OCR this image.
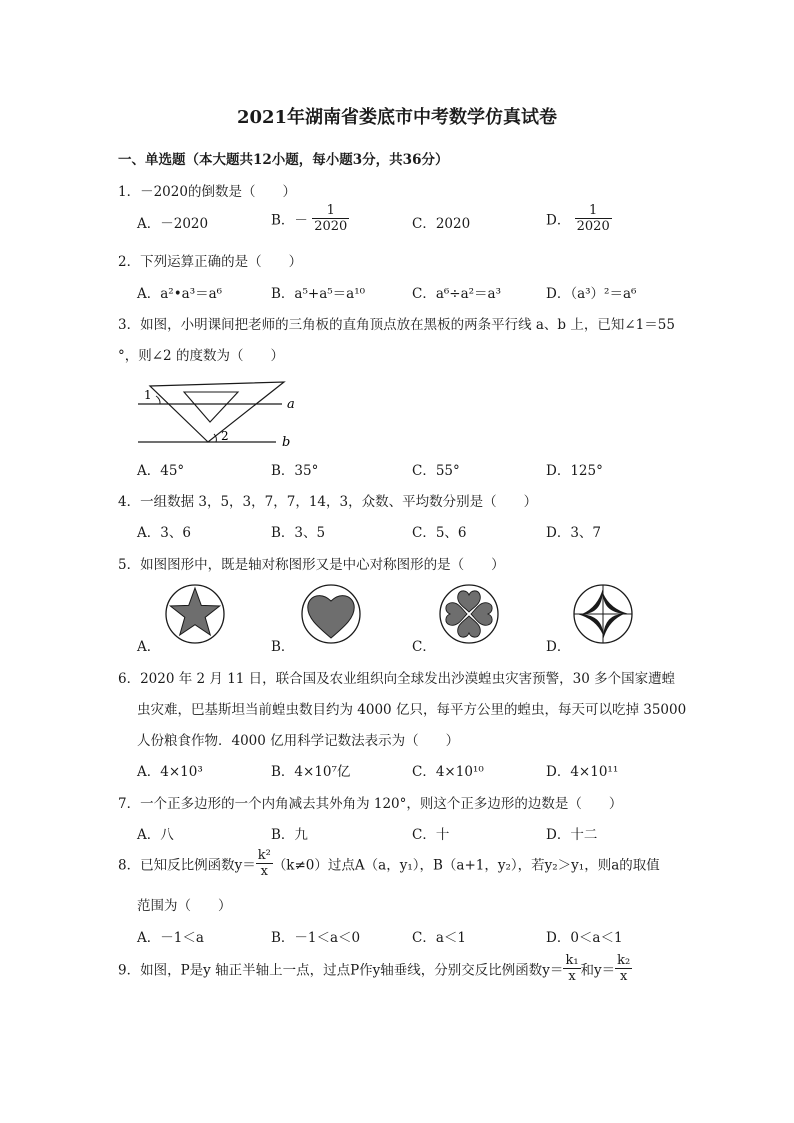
2021年湖南省娄底市中考数学仿真试卷
一、单选题（本大题共12小题，每小题3分，共36分）
1．－2020的倒数是（　　）
A．－2020	B．－ $\frac{1}{2020}$	C．2020	D． $\frac{1}{2020}$
2．下列运算正确的是（　　）
A．a²•a³＝a⁶	B．a⁵+a⁵＝a¹⁰	C．a⁶÷a²＝a³	D．（a³）²＝a⁶
3．如图，小明课间把老师的三角板的直角顶点放在黑板的两条平行线 a、b 上，已知∠1＝55
°，则∠2 的度数为（　　）
1
2
a
b
A．45°	B．35°	C．55°	D．125°
4．一组数据 3，5，3，7，7，14，3，众数、平均数分别是（　　）
A．3、6	B．3、5	C．5、6	D．3、7
5．如图图形中，既是轴对称图形又是中心对称图形的是（　　）
A．	B．	C．	D．
6．2020 年 2 月 11 日，联合国及农业组织向全球发出沙漠蝗虫灾害预警，30 多个国家遭蝗
虫灾难，巴基斯坦当前蝗虫数目约为 4000 亿只，每平方公里的蝗虫，每天可以吃掉 35000
人份粮食作物．4000 亿用科学记数法表示为（　　）
A．4×10³	B．4×10⁷亿	C．4×10¹⁰	D．4×10¹¹
7．一个正多边形的一个内角减去其外角为 120°，则这个正多边形的边数是（　　）
A．八	B．九	C．十	D．十二
8．已知反比例函数$y= \frac{\text{k²}}{x} (k\ne 0)$过点A（a，y₁），B（a+1，y₂），若y₂＞y₁，则a的取值
范围为（　　）
A．－1＜a	B．－1＜a＜0	C．a＜1	D．0＜a＜1
9．如图，P是y 轴正半轴上一点，过点P作y轴垂线，分别交反比例函数$y= \frac{\text{k₁}}{x}$ 和$y= \frac{\text{k₂}}{x}$
